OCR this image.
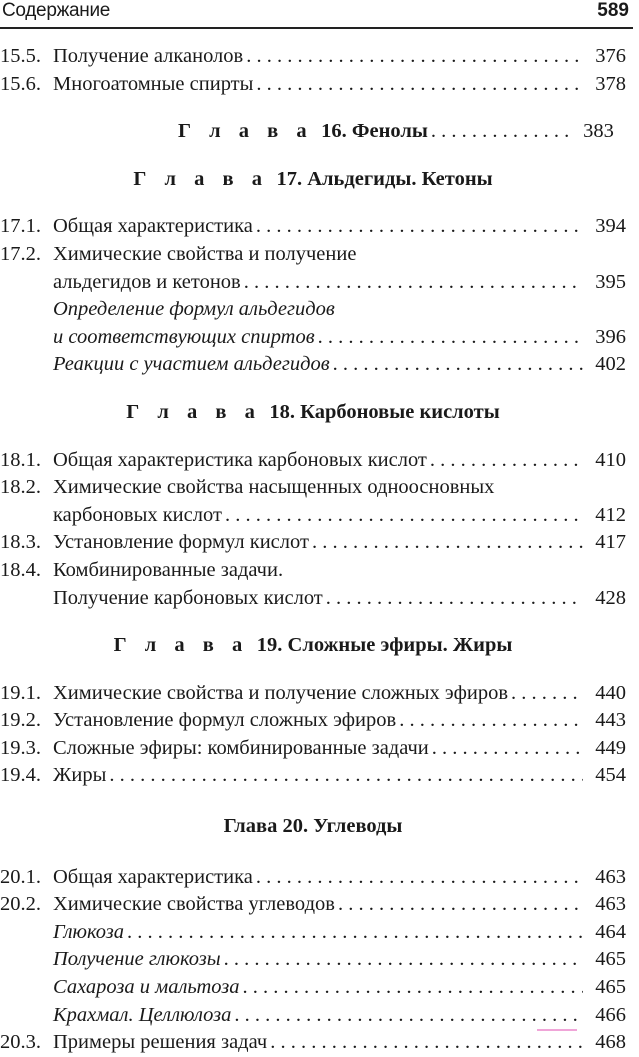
Содержание	589
15.5. Получение алканолов . . .	376
15.6. Многоатомные спирты . . .	378
Г л а в а 16. Фенолы . . .	383
Г л а в а 17. Альдегиды. Кетоны
17.1. Общая характеристика . . .	394
17.2. Химические свойства и получение
альдегидов и кетонов . . .	395
Определение формул альдегидов
и соответствующих спиртов . . .	396
Реакции с участием альдегидов . . .	402
Г л а в а 18. Карбоновые кислоты
18.1. Общая характеристика карбоновых кислот . . .	410
18.2. Химические свойства насыщенных одноосновных
карбоновых кислот . . .	412
18.3. Установление формул кислот . . .	417
18.4. Комбинированные задачи.
Получение карбоновых кислот . . .	428
Г л а в а 19. Сложные эфиры. Жиры
19.1. Химические свойства и получение сложных эфиров . . .	440
19.2. Установление формул сложных эфиров . . .	443
19.3. Сложные эфиры: комбинированные задачи . . .	449
19.4. Жиры . . .	454
Глава 20. Углеводы
20.1. Общая характеристика . . .	463
20.2. Химические свойства углеводов . . .	463
Глюкоза . . .	464
Получение глюкозы . . .	465
Сахароза и мальтоза . . .	465
Крахмал. Целлюлоза . . .	466
20.3. Примеры решения задач . . .	468
